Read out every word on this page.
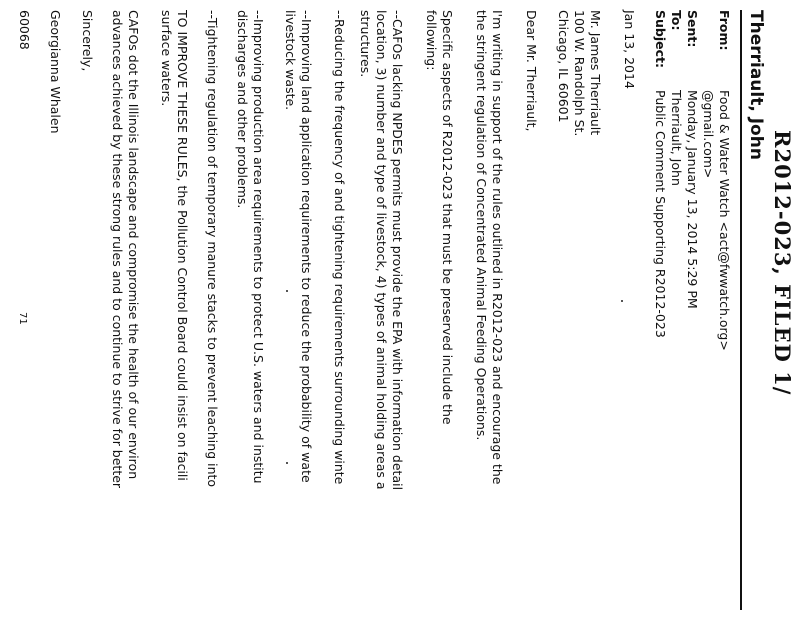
R2012-023, FILED 1/
Therriault, John
From:
Food & Water Watch <act@fwwatch.org>
@gmail.com>
Sent:
Monday, January 13, 2014 5:29 PM
To:
Therriault, John
Subject:
Public Comment Supporting R2012-023
Jan 13, 2014
Mr. James Therriault
100 W. Randolph St.
Chicago, IL 60601
Dear Mr. Therriault,
I'm writing in support of the rules outlined in R2012-023 and encourage the
the stringent regulation of Concentrated Animal Feeding Operations.
Specific aspects of R2012-023 that must be preserved include the
following:
--CAFOs lacking NPDES permits must provide the EPA with information detail
location, 3) number and type of livestock, 4) types of animal holding areas a
structures.
--Reducing the frequency of and tightening requirements surrounding winte
--Improving land application requirements to reduce the probability of wate
livestock waste.
--Improving production area requirements to protect U.S. waters and institu
discharges and other problems.
--Tightening regulation of temporary manure stacks to prevent leaching into
TO IMPROVE THESE RULES, the Pollution Control Board could insist on facili
surface waters.
CAFOs dot the Illinois landscape and compromise the health of our environ
advances achieved by these strong rules and to continue to strive for better
Sincerely,
Georgianna Whalen
60068
71
